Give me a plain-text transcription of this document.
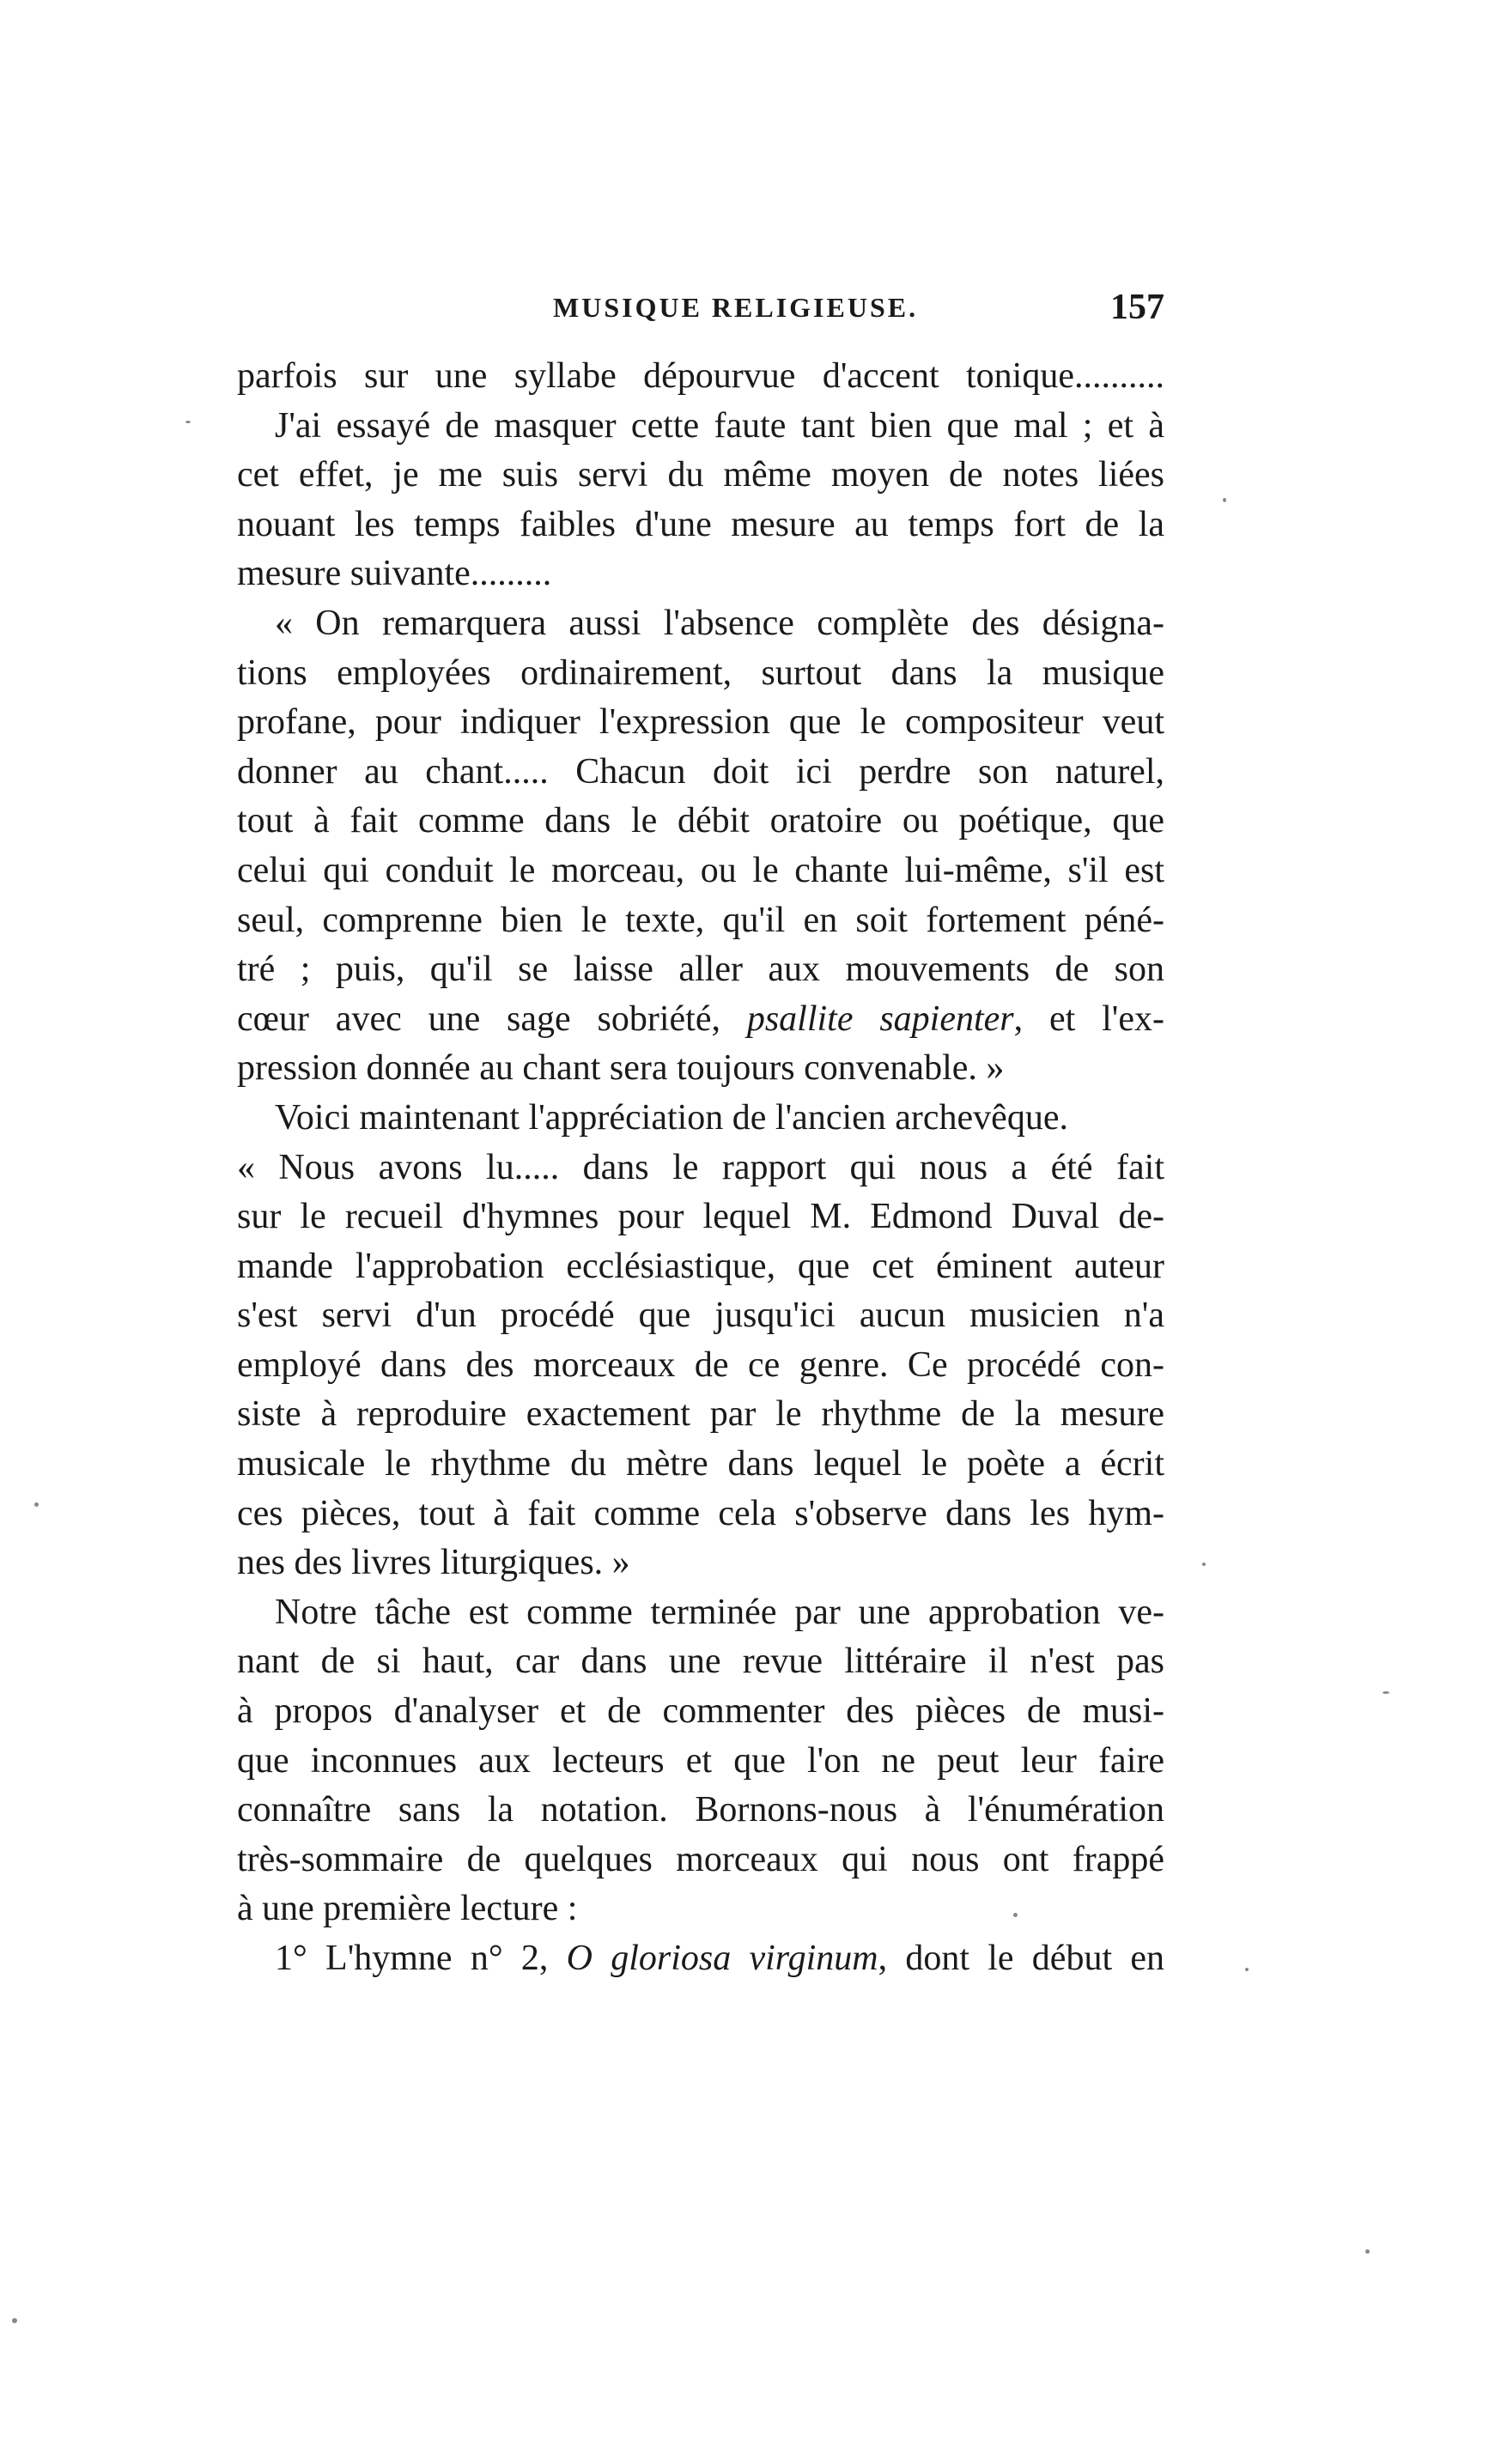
MUSIQUE RELIGIEUSE.	157
parfois sur une syllabe dépourvue d'accent tonique..........
J'ai essayé de masquer cette faute tant bien que mal ; et à
cet effet, je me suis servi du même moyen de notes liées
nouant les temps faibles d'une mesure au temps fort de la
mesure suivante.........
« On remarquera aussi l'absence complète des désigna-
tions employées ordinairement, surtout dans la musique
profane, pour indiquer l'expression que le compositeur veut
donner au chant..... Chacun doit ici perdre son naturel,
tout à fait comme dans le débit oratoire ou poétique, que
celui qui conduit le morceau, ou le chante lui-même, s'il est
seul, comprenne bien le texte, qu'il en soit fortement péné-
tré ; puis, qu'il se laisse aller aux mouvements de son
cœur avec une sage sobriété, psallite sapienter, et l'ex-
pression donnée au chant sera toujours convenable. »
Voici maintenant l'appréciation de l'ancien archevêque.
« Nous avons lu..... dans le rapport qui nous a été fait
sur le recueil d'hymnes pour lequel M. Edmond Duval de-
mande l'approbation ecclésiastique, que cet éminent auteur
s'est servi d'un procédé que jusqu'ici aucun musicien n'a
employé dans des morceaux de ce genre. Ce procédé con-
siste à reproduire exactement par le rhythme de la mesure
musicale le rhythme du mètre dans lequel le poète a écrit
ces pièces, tout à fait comme cela s'observe dans les hym-
nes des livres liturgiques. »
Notre tâche est comme terminée par une approbation ve-
nant de si haut, car dans une revue littéraire il n'est pas
à propos d'analyser et de commenter des pièces de musi-
que inconnues aux lecteurs et que l'on ne peut leur faire
connaître sans la notation. Bornons-nous à l'énumération
très-sommaire de quelques morceaux qui nous ont frappé
à une première lecture :
1° L'hymne n° 2, O gloriosa virginum, dont le début en
